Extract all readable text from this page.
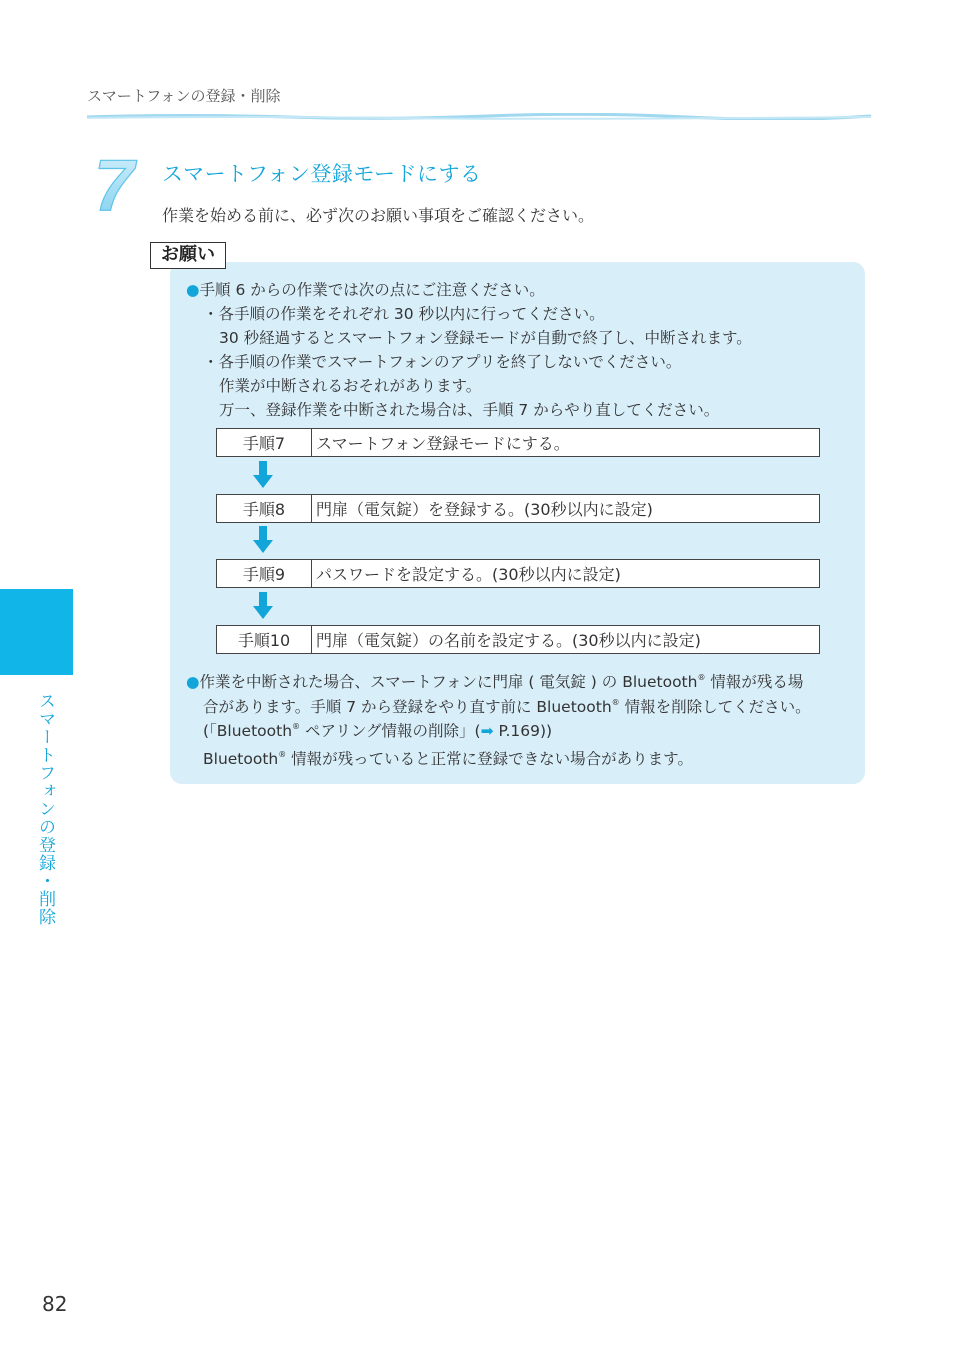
スマートフォンの登録・削除
7 スマートフォン登録モードにする
作業を始める前に、必ず次のお願い事項をご確認ください。
お願い
●手順 6 からの作業では次の点にご注意ください。
・各手順の作業をそれぞれ 30 秒以内に行ってください。
30 秒経過するとスマートフォン登録モードが自動で終了し、中断されます。
・各手順の作業でスマートフォンのアプリを終了しないでください。
作業が中断されるおそれがあります。
万一、登録作業を中断された場合は、手順 7 からやり直してください。
手順7	スマートフォン登録モードにする。
手順8	門扉（電気錠）を登録する。(30秒以内に設定)
手順9	パスワードを設定する。(30秒以内に設定)
手順10	門扉（電気錠）の名前を設定する。(30秒以内に設定)
●作業を中断された場合、スマートフォンに門扉 ( 電気錠 ) の Bluetooth® 情報が残る場
合があります。手順 7 から登録をやり直す前に Bluetooth® 情報を削除してください。
(「Bluetooth® ペアリング情報の削除」(➡ P.169))
Bluetooth® 情報が残っていると正常に登録できない場合があります。
スマートフォンの登録・削除
82
